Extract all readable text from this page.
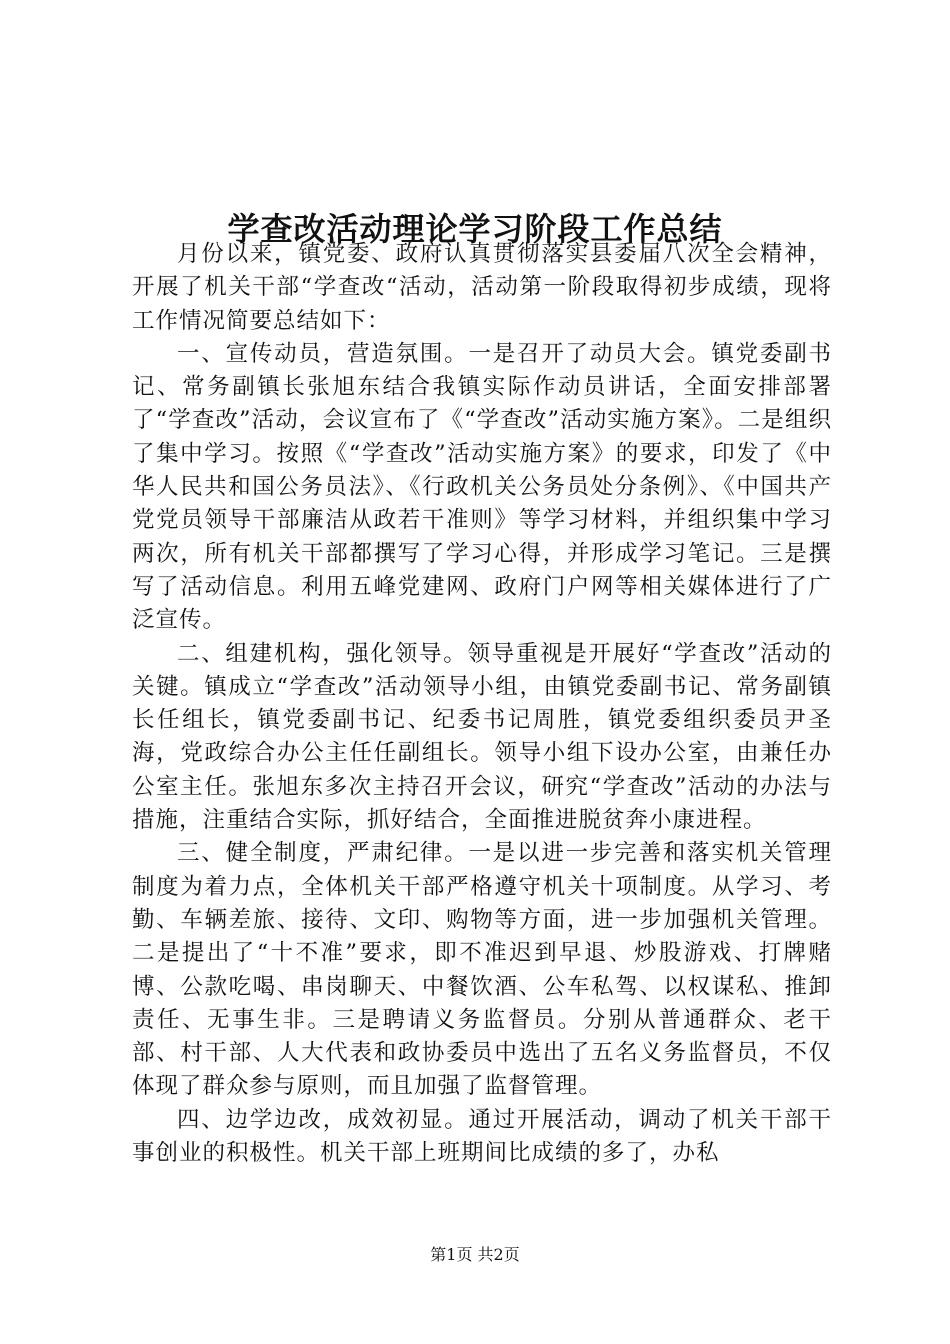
学查改活动理论学习阶段工作总结

月份以来，镇党委、政府认真贯彻落实县委届八次全会精神，开展了机关干部“学查改“活动，活动第一阶段取得初步成绩，现将工作情况简要总结如下：

一、宣传动员，营造氛围。一是召开了动员大会。镇党委副书记、常务副镇长张旭东结合我镇实际作动员讲话，全面安排部署了“学查改”活动，会议宣布了《“学查改”活动实施方案》。二是组织了集中学习。按照《“学查改”活动实施方案》的要求，印发了《中华人民共和国公务员法》、《行政机关公务员处分条例》、《中国共产党党员领导干部廉洁从政若干准则》等学习材料，并组织集中学习两次，所有机关干部都撰写了学习心得，并形成学习笔记。三是撰写了活动信息。利用五峰党建网、政府门户网等相关媒体进行了广泛宣传。

二、组建机构，强化领导。领导重视是开展好“学查改”活动的关键。镇成立“学查改”活动领导小组，由镇党委副书记、常务副镇长任组长，镇党委副书记、纪委书记周胜，镇党委组织委员尹圣海，党政综合办公主任任副组长。领导小组下设办公室，由兼任办公室主任。张旭东多次主持召开会议，研究“学查改”活动的办法与措施，注重结合实际，抓好结合，全面推进脱贫奔小康进程。

三、健全制度，严肃纪律。一是以进一步完善和落实机关管理制度为着力点，全体机关干部严格遵守机关十项制度。从学习、考勤、车辆差旅、接待、文印、购物等方面，进一步加强机关管理。二是提出了“十不准”要求，即不准迟到早退、炒股游戏、打牌赌博、公款吃喝、串岗聊天、中餐饮酒、公车私驾、以权谋私、推卸责任、无事生非。三是聘请义务监督员。分别从普通群众、老干部、村干部、人大代表和政协委员中选出了五名义务监督员，不仅体现了群众参与原则，而且加强了监督管理。

四、边学边改，成效初显。通过开展活动，调动了机关干部干事创业的积极性。机关干部上班期间比成绩的多了，办私

第1页 共2页
